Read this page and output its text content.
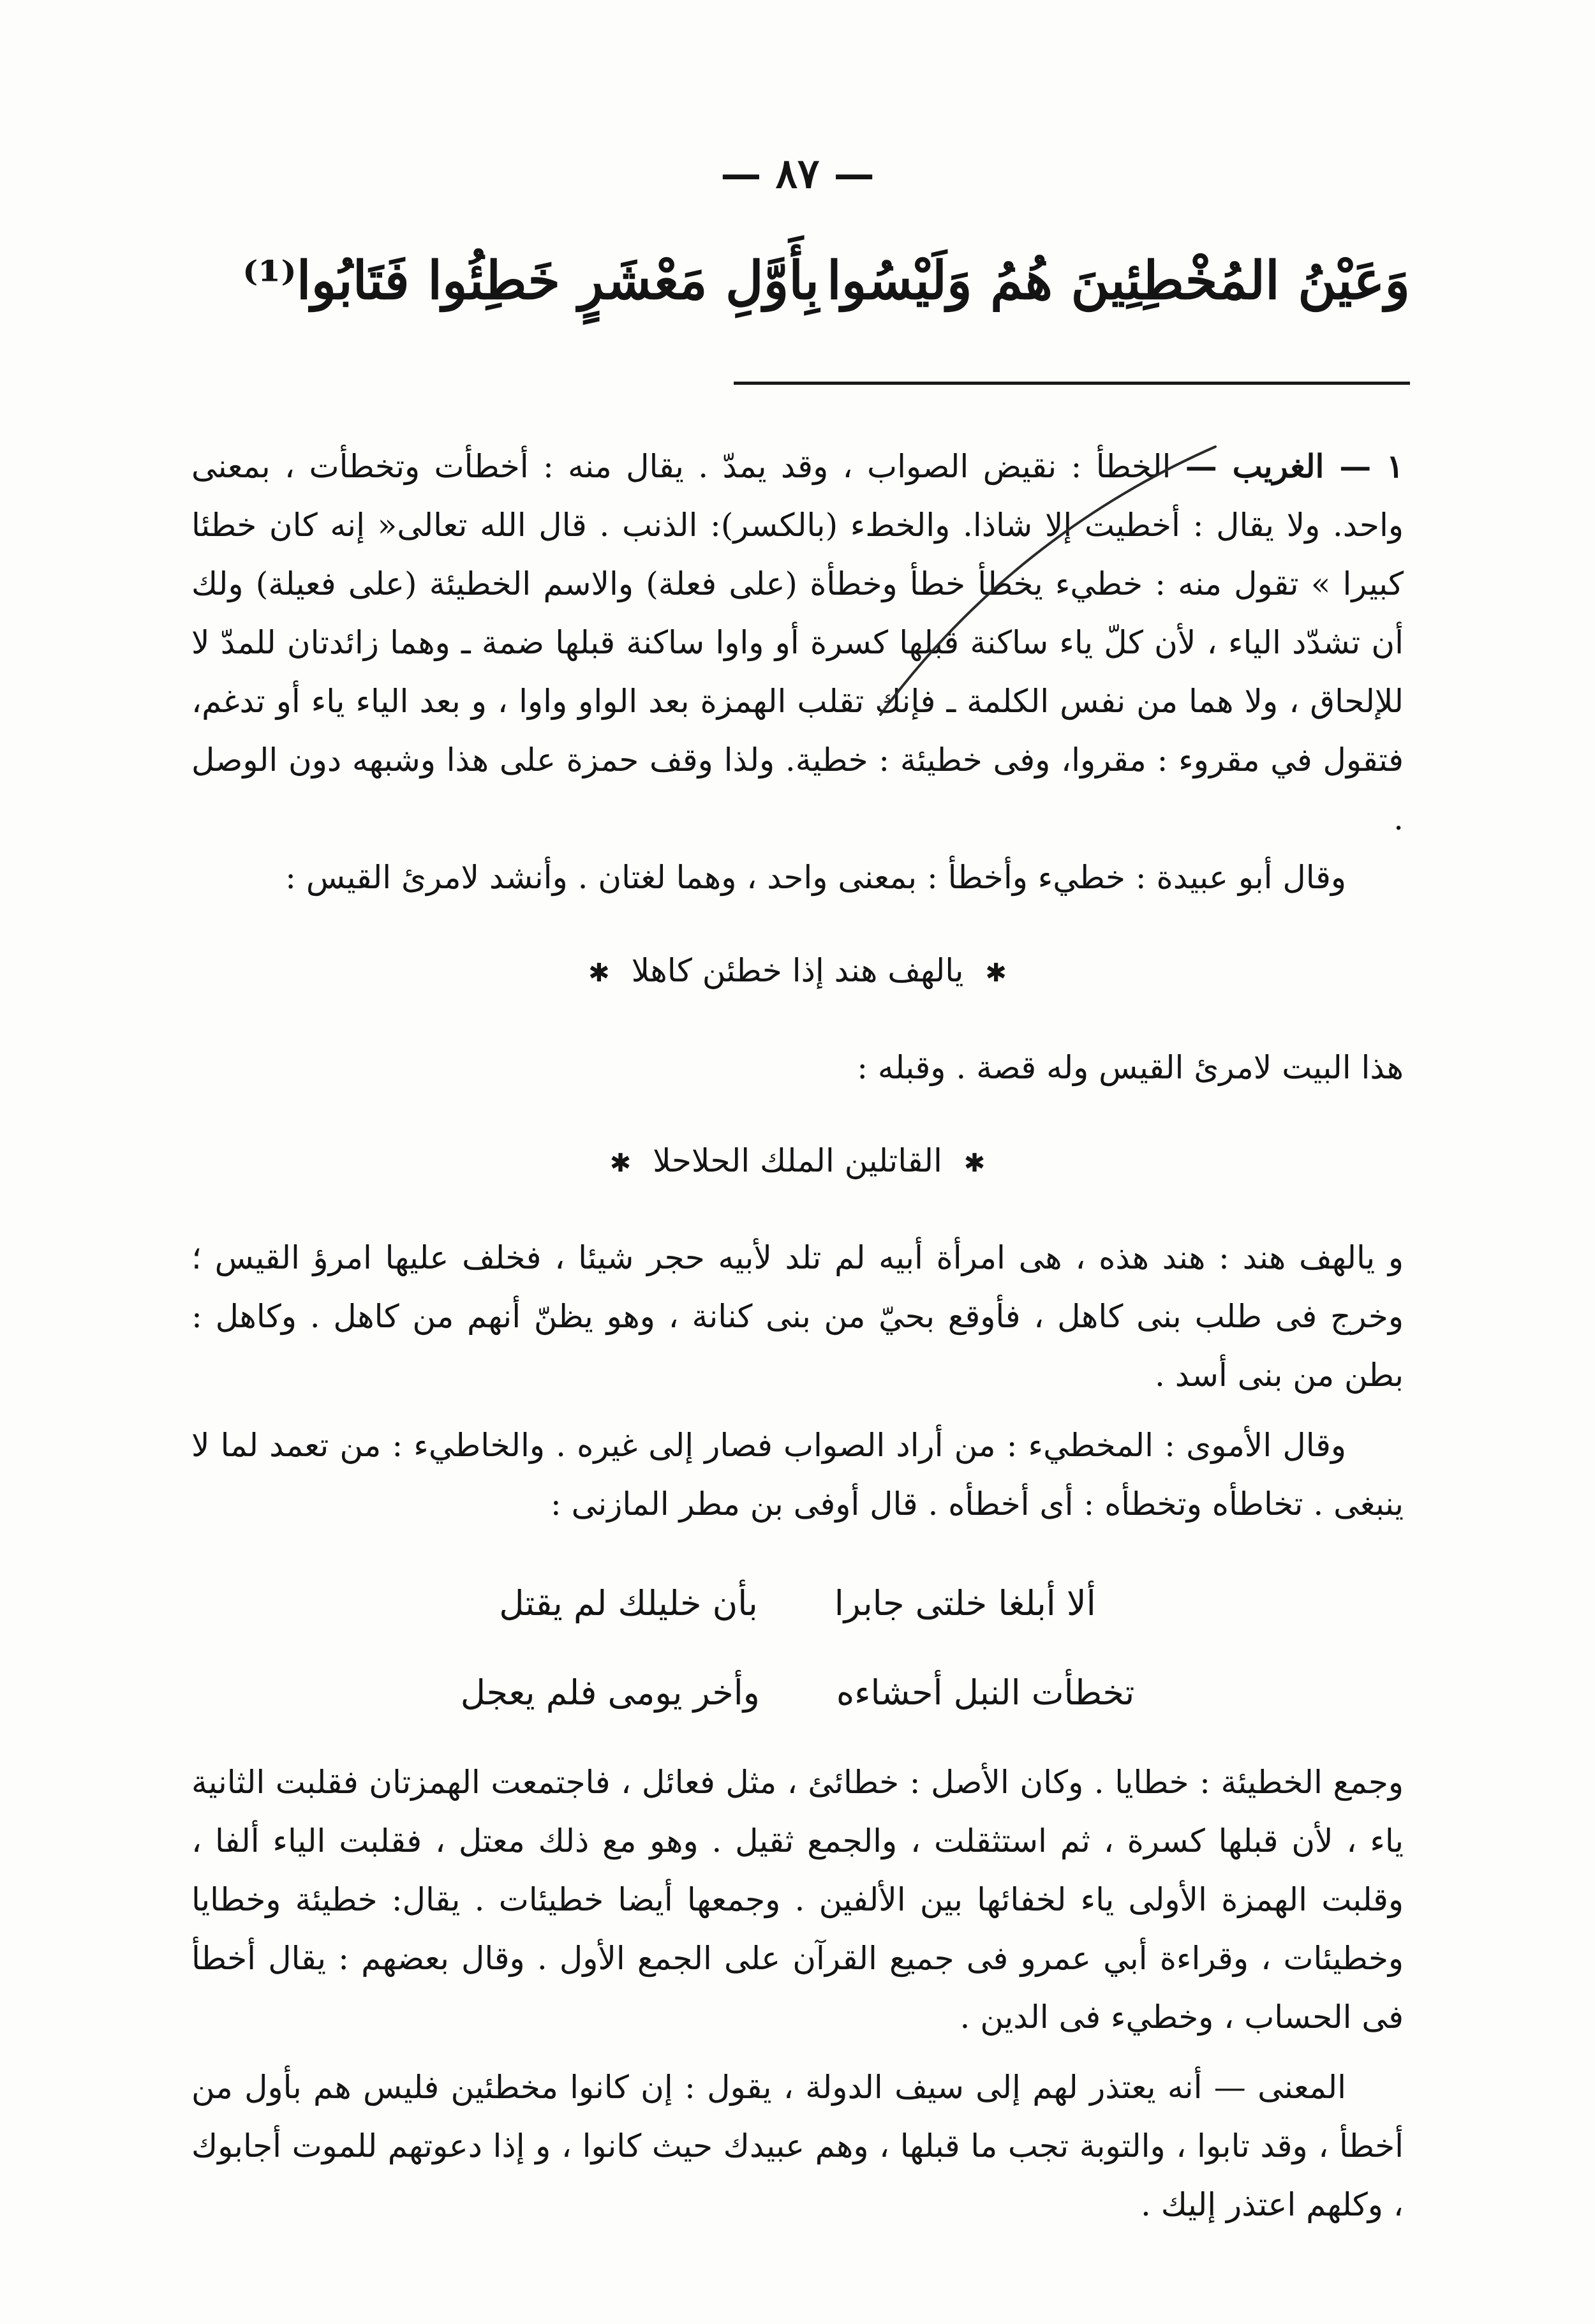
— ٨٧ —
وَعَيْنُ المُخْطِئِينَ هُمُ وَلَيْسُوا
بِأَوَّلِ مَعْشَرٍ خَطِئُوا فَتَابُوا⁽¹⁾

١ — الغريب — الخطأ : نقيض الصواب ، وقد يمدّ . يقال منه : أخطأت وتخطأت ، بمعنى واحد. ولا يقال : أخطيت إلا شاذا. والخطء (بالكسر): الذنب . قال الله تعالى« إنه كان خطئا كبيرا » تقول منه : خطيء يخطأ خطأ وخطأة (على فعلة) والاسم الخطيئة (على فعيلة) ولك أن تشدّد الياء ، لأن كلّ ياء ساكنة قبلها كسرة أو واوا ساكنة قبلها ضمة ـ وهما زائدتان للمدّ لا للإلحاق ، ولا هما من نفس الكلمة ـ فإنك تقلب الهمزة بعد الواو واوا ، و بعد الياء ياء أو تدغم، فتقول في مقروء : مقروا، وفى خطيئة : خطية. ولذا وقف حمزة على هذا وشبهه دون الوصل .

وقال أبو عبيدة : خطيء وأخطأ : بمعنى واحد ، وهما لغتان . وأنشد لامرئ القيس :

✱ يالهف هند إذا خطئن كاهلا ✱

هذا البيت لامرئ القيس وله قصة . وقبله :

✱ القاتلين الملك الحلاحلا ✱

و يالهف هند : هند هذه ، هى امرأة أبيه لم تلد لأبيه حجر شيئا ، فخلف عليها امرؤ القيس ؛ وخرج فى طلب بنى كاهل ، فأوقع بحيّ من بنى كنانة ، وهو يظنّ أنهم من كاهل . وكاهل : بطن من بنى أسد .

وقال الأموى : المخطيء : من أراد الصواب فصار إلى غيره . والخاطيء : من تعمد لما لا ينبغى . تخاطأه وتخطأه : أى أخطأه . قال أوفى بن مطر المازنى :

ألا أبلغا خلتى جابرا
بأن خليلك لم يقتل
تخطأت النبل أحشاءه
وأخر يومى فلم يعجل

وجمع الخطيئة : خطايا . وكان الأصل : خطائئ ، مثل فعائل ، فاجتمعت الهمزتان فقلبت الثانية ياء ، لأن قبلها كسرة ، ثم استثقلت ، والجمع ثقيل . وهو مع ذلك معتل ، فقلبت الياء ألفا ، وقلبت الهمزة الأولى ياء لخفائها بين الألفين . وجمعها أيضا خطيئات . يقال: خطيئة وخطايا وخطيئات ، وقراءة أبي عمرو فى جميع القرآن على الجمع الأول . وقال بعضهم : يقال أخطأ فى الحساب ، وخطيء فى الدين .

المعنى — أنه يعتذر لهم إلى سيف الدولة ، يقول : إن كانوا مخطئين فليس هم بأول من أخطأ ، وقد تابوا ، والتوبة تجب ما قبلها ، وهم عبيدك حيث كانوا ، و إذا دعوتهم للموت أجابوك ، وكلهم اعتذر إليك .
